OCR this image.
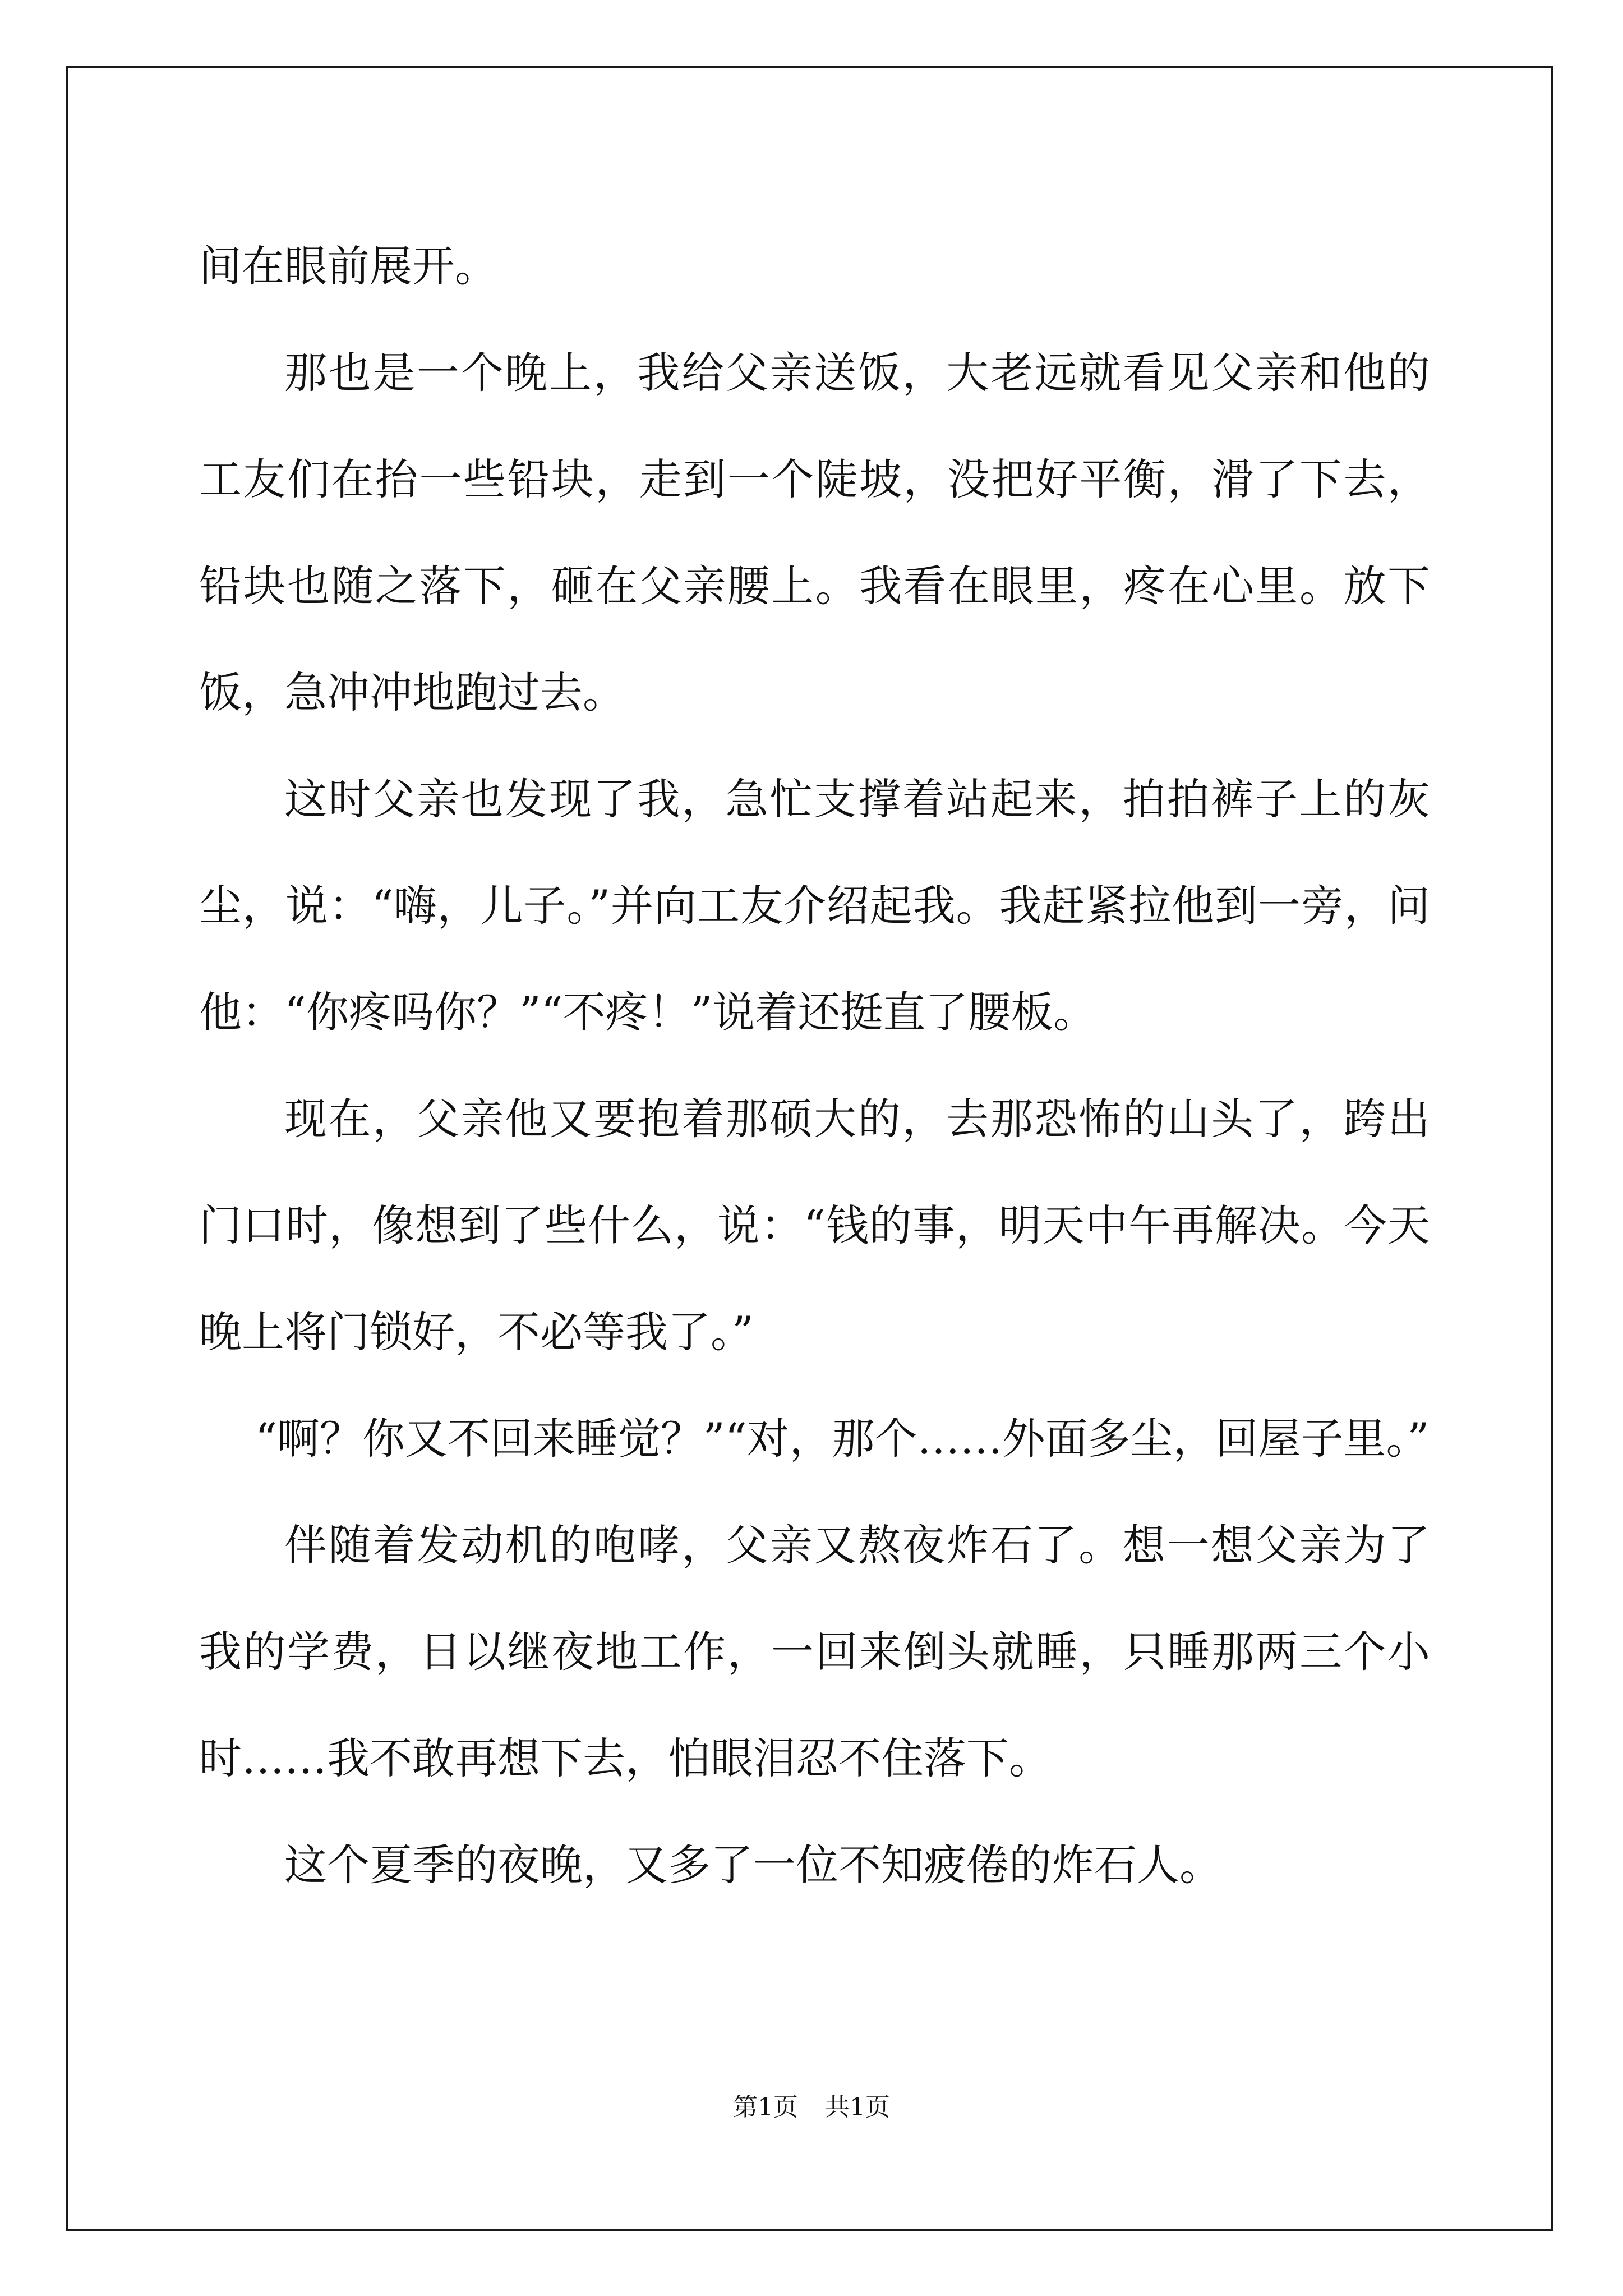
间在眼前展开。

那也是一个晚上，我给父亲送饭，大老远就看见父亲和他的工友们在抬一些铅块，走到一个陡坡，没把好平衡，滑了下去，铅块也随之落下，砸在父亲腰上。我看在眼里，疼在心里。放下饭，急冲冲地跑过去。

这时父亲也发现了我，急忙支撑着站起来，拍拍裤子上的灰尘，说：“嗨，儿子。”并向工友介绍起我。我赶紧拉他到一旁，问他：“你疼吗你？”“不疼！”说着还挺直了腰板。

现在，父亲他又要抱着那硕大的，去那恐怖的山头了，跨出门口时，像想到了些什么，说：“钱的事，明天中午再解决。今天晚上将门锁好，不必等我了。”

“啊？你又不回来睡觉？”“对，那个……外面多尘，回屋子里。”

伴随着发动机的咆哮，父亲又熬夜炸石了。想一想父亲为了我的学费，日以继夜地工作，一回来倒头就睡，只睡那两三个小时……我不敢再想下去，怕眼泪忍不住落下。

这个夏季的夜晚，又多了一位不知疲倦的炸石人。

第1页 共1页
